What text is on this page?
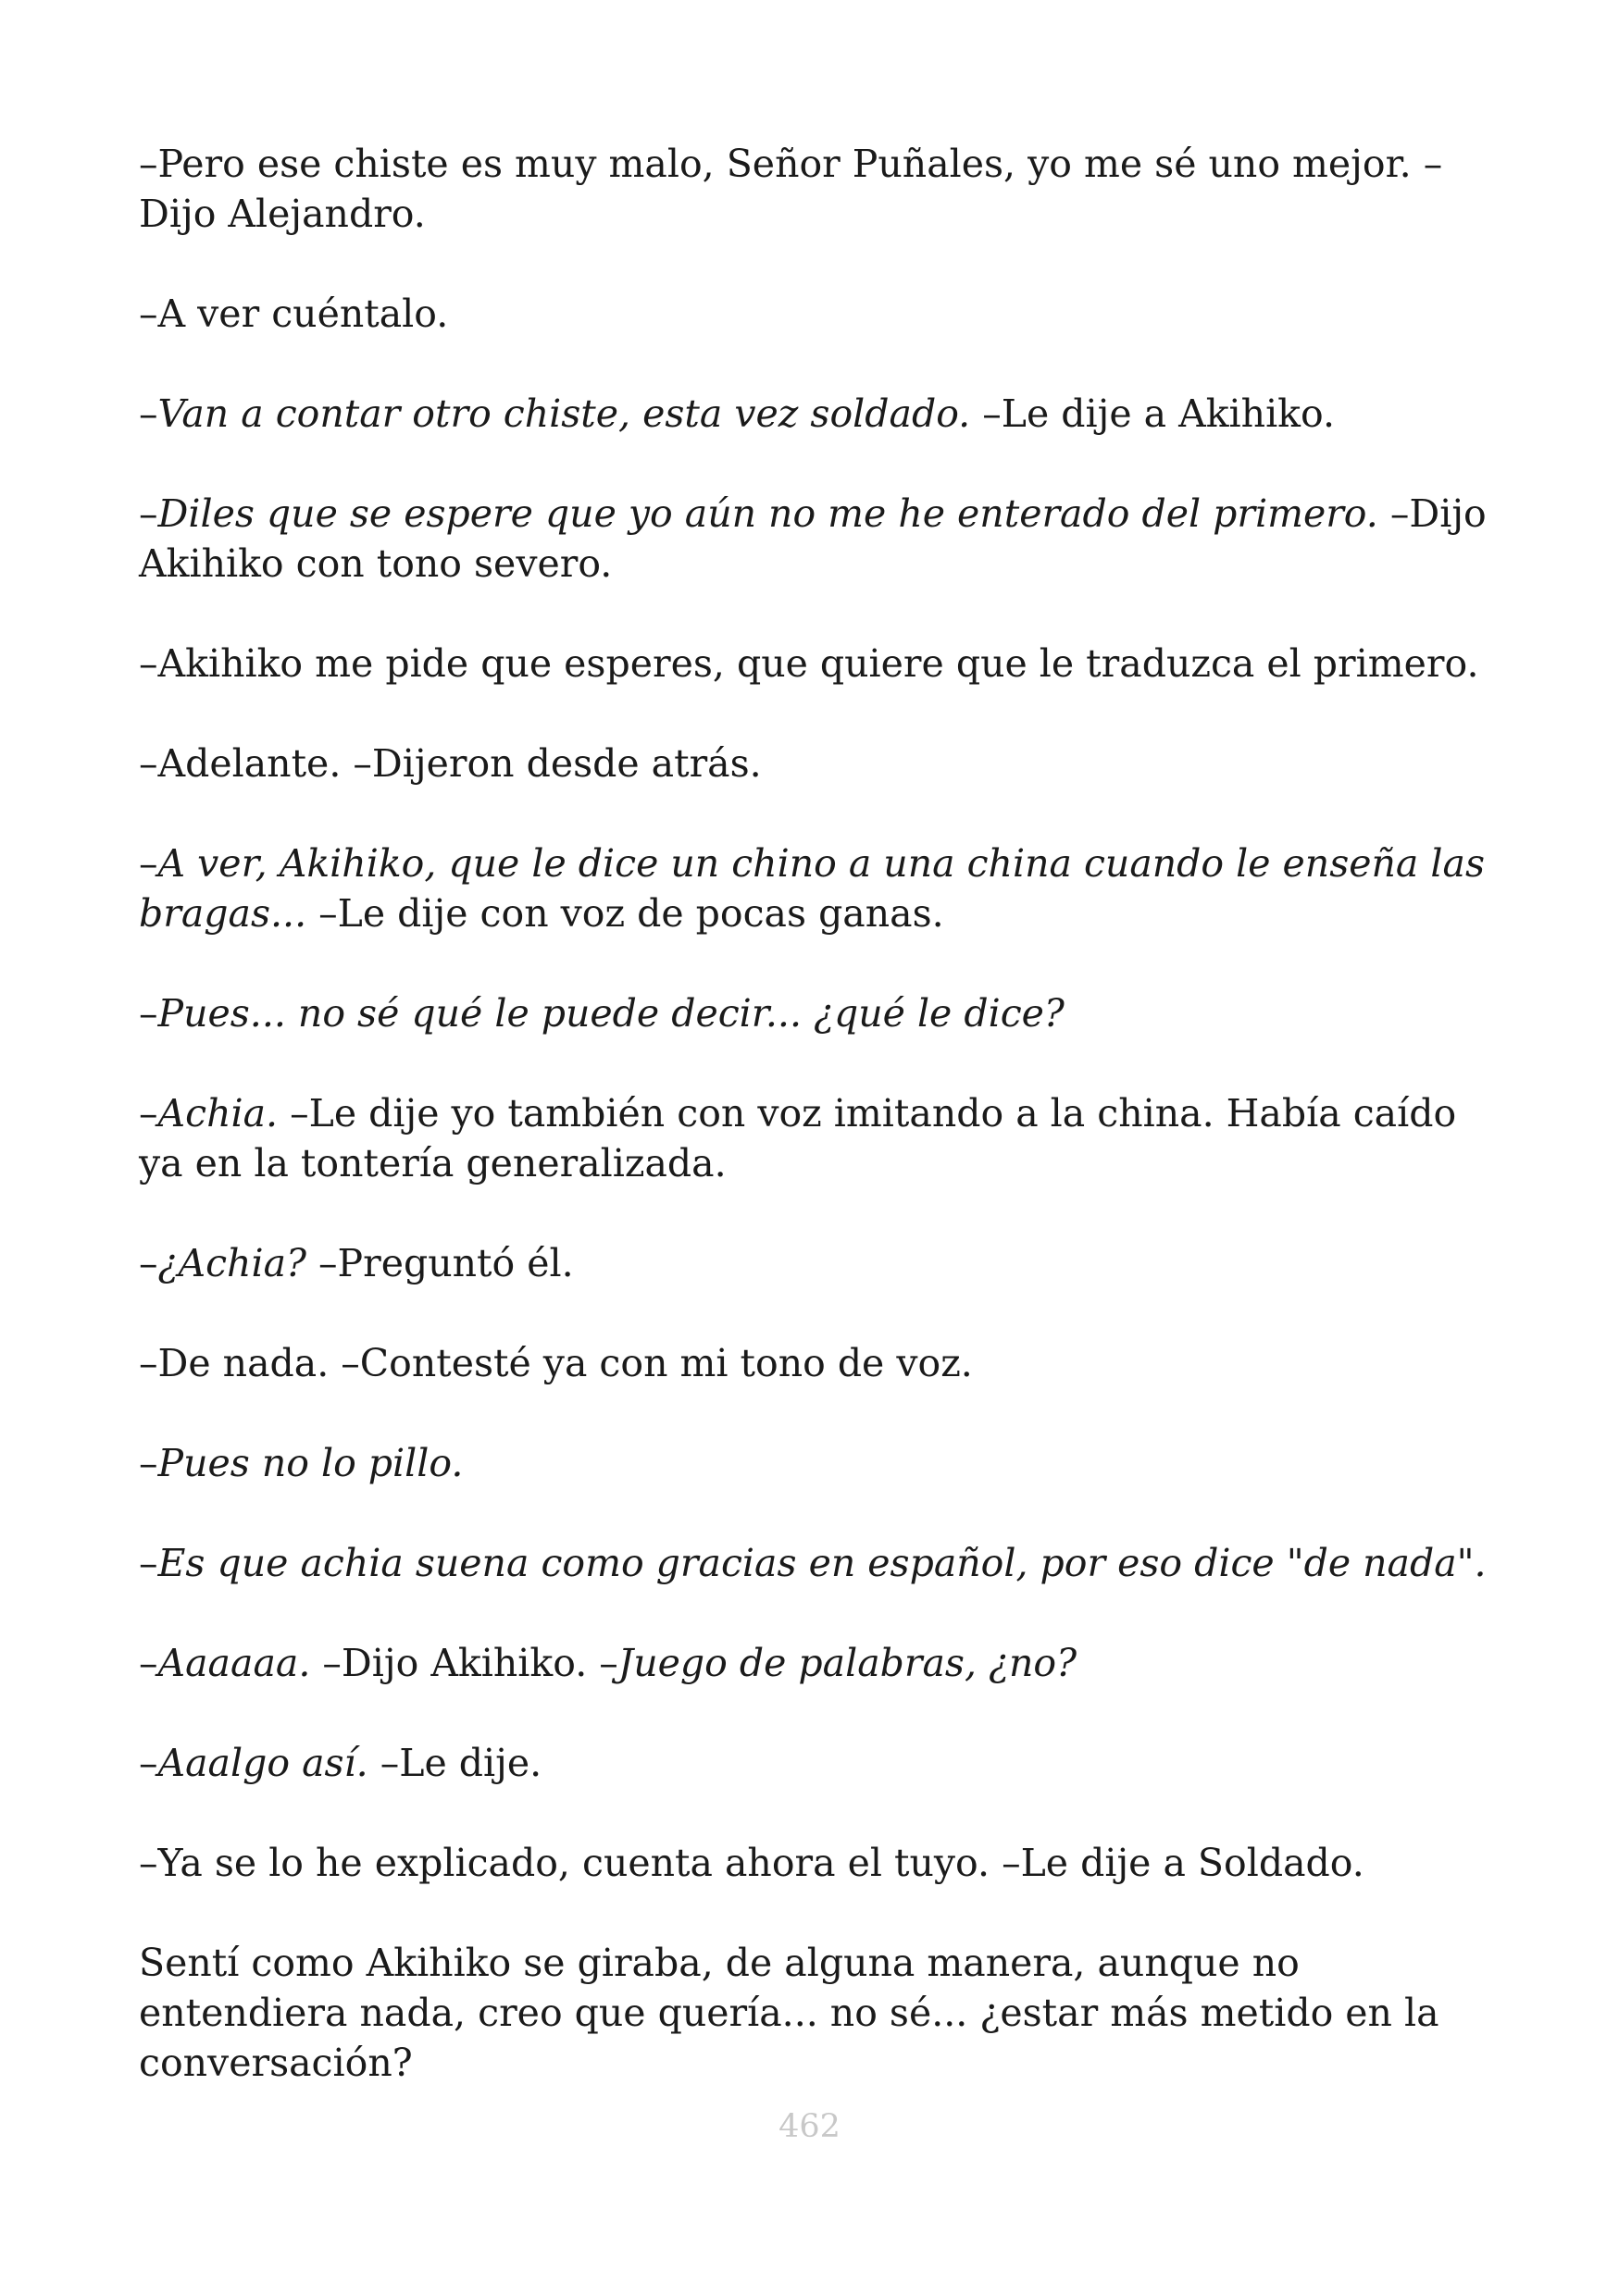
–Pero ese chiste es muy malo, Señor Puñales, yo me sé uno mejor. –Dijo Alejandro.

–A ver cuéntalo.

–Van a contar otro chiste, esta vez soldado. –Le dije a Akihiko.

–Diles que se espere que yo aún no me he enterado del primero. –Dijo Akihiko con tono severo.

–Akihiko me pide que esperes, que quiere que le traduzca el primero.

–Adelante. –Dijeron desde atrás.

–A ver, Akihiko, que le dice un chino a una china cuando le enseña las bragas... –Le dije con voz de pocas ganas.

–Pues... no sé qué le puede decir... ¿qué le dice?

–Achia. –Le dije yo también con voz imitando a la china. Había caído ya en la tontería generalizada.

–¿Achia? –Preguntó él.

–De nada. –Contesté ya con mi tono de voz.

–Pues no lo pillo.

–Es que achia suena como gracias en español, por eso dice "de nada".

–Aaaaaa. –Dijo Akihiko. –Juego de palabras, ¿no?

–Aaalgo así. –Le dije.

–Ya se lo he explicado, cuenta ahora el tuyo. –Le dije a Soldado.

Sentí como Akihiko se giraba, de alguna manera, aunque no entendiera nada, creo que quería... no sé... ¿estar más metido en la conversación?

462
